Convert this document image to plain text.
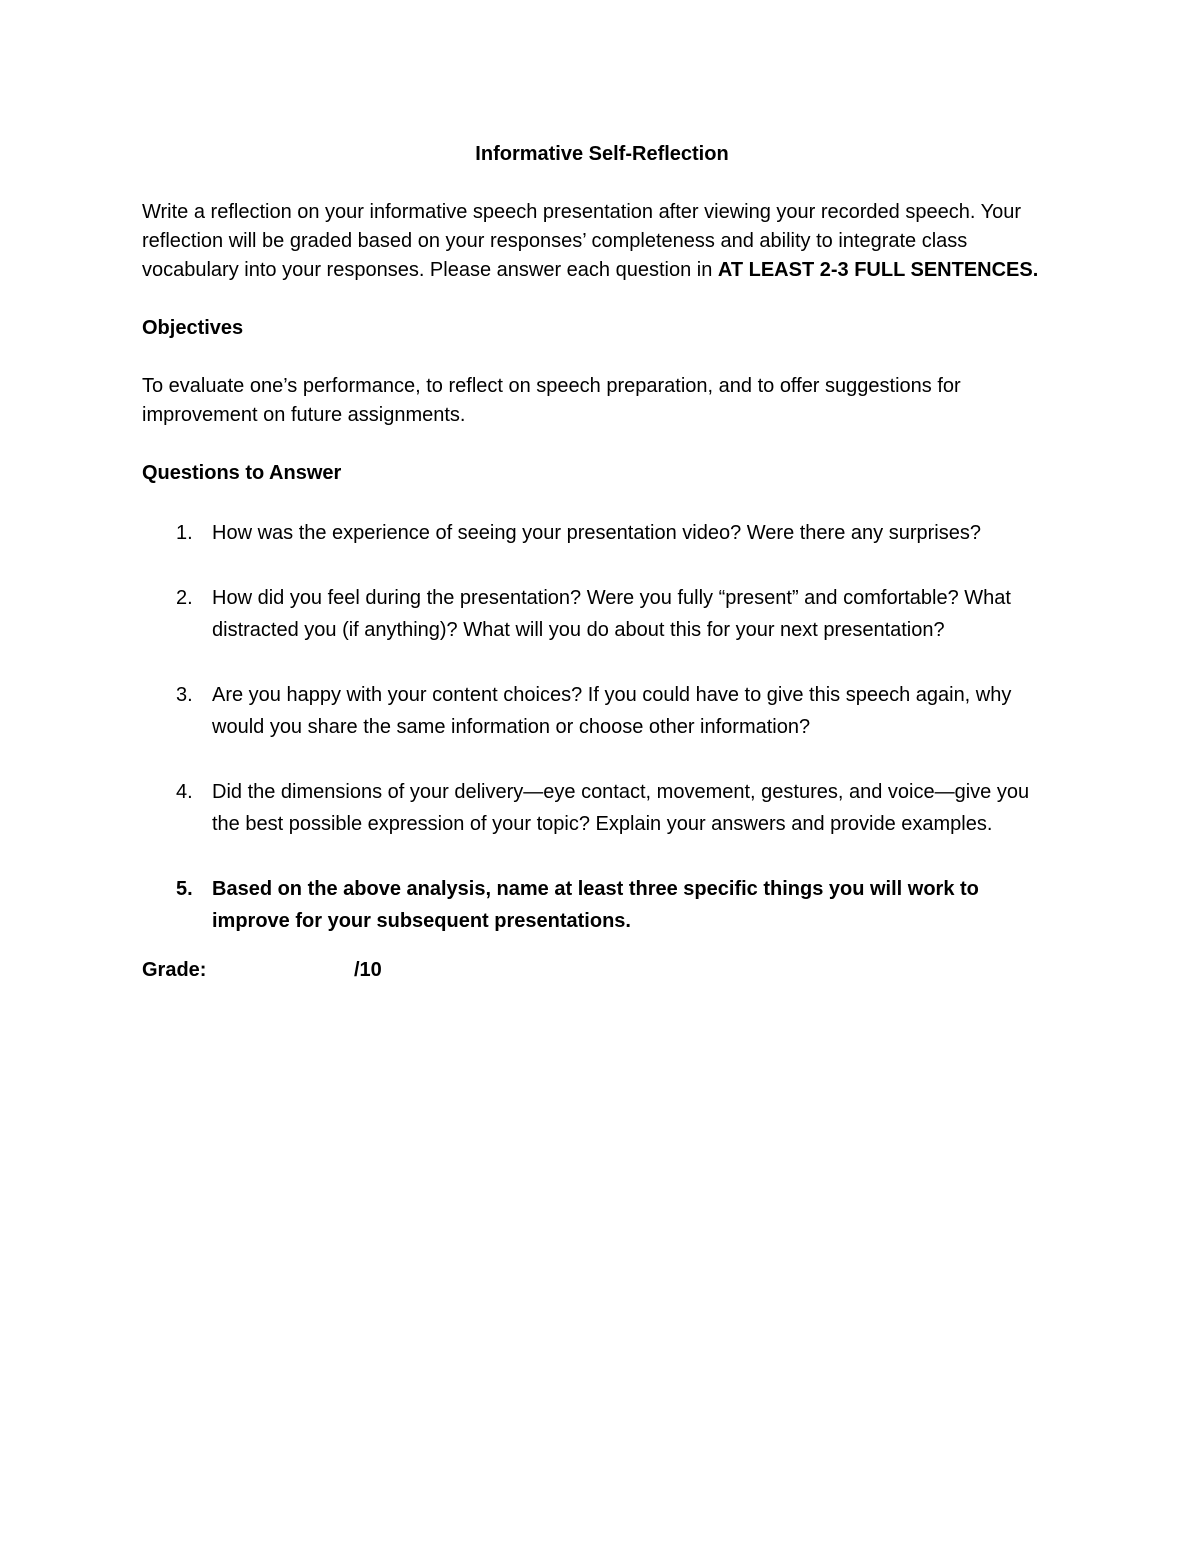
Informative Self-Reflection
Write a reflection on your informative speech presentation after viewing your recorded speech. Your reflection will be graded based on your responses’ completeness and ability to integrate class vocabulary into your responses. Please answer each question in AT LEAST 2-3 FULL SENTENCES.
Objectives
To evaluate one’s performance, to reflect on speech preparation, and to offer suggestions for improvement on future assignments.
Questions to Answer
1. How was the experience of seeing your presentation video? Were there any surprises?
2. How did you feel during the presentation? Were you fully “present” and comfortable? What distracted you (if anything)? What will you do about this for your next presentation?
3. Are you happy with your content choices? If you could have to give this speech again, why would you share the same information or choose other information?
4. Did the dimensions of your delivery—eye contact, movement, gestures, and voice—give you the best possible expression of your topic? Explain your answers and provide examples.
5. Based on the above analysis, name at least three specific things you will work to improve for your subsequent presentations.
Grade:	/10
